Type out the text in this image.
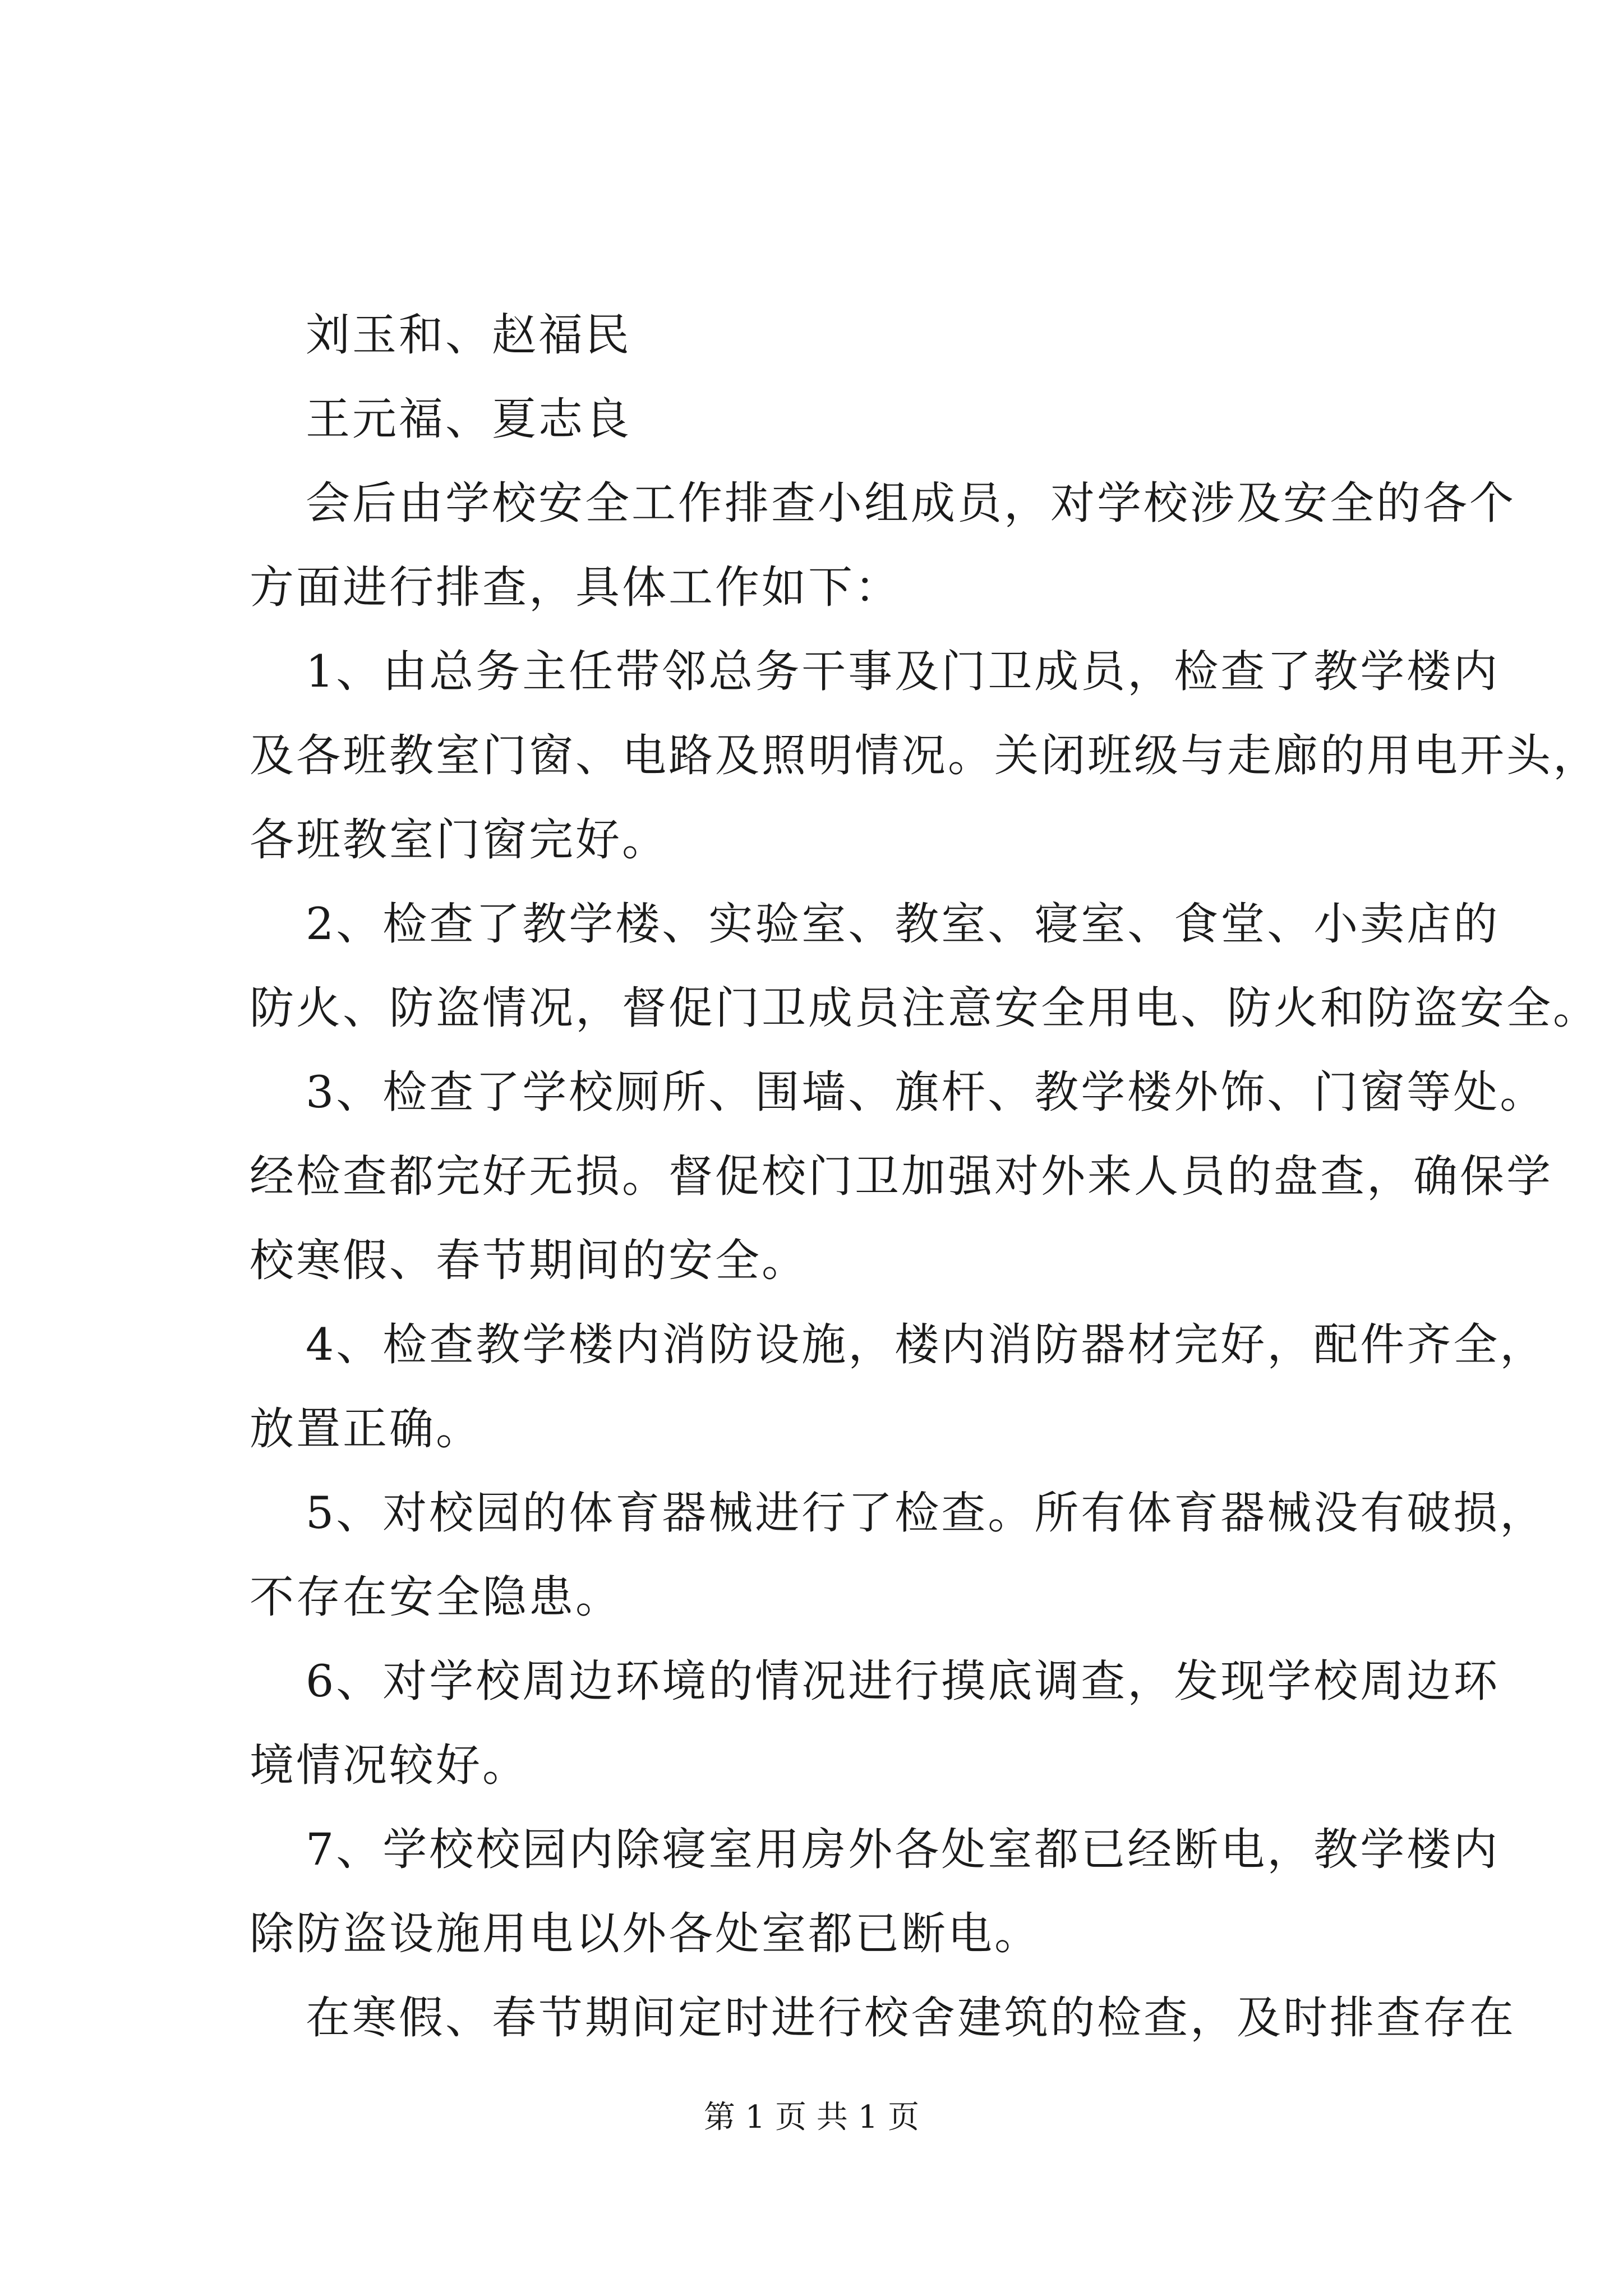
刘玉和、赵福民
王元福、夏志良
会后由学校安全工作排查小组成员，对学校涉及安全的各个
方面进行排查，具体工作如下：
1、由总务主任带邻总务干事及门卫成员，检查了教学楼内
及各班教室门窗、电路及照明情况。关闭班级与走廊的用电开头，
各班教室门窗完好。
2、检查了教学楼、实验室、教室、寝室、食堂、小卖店的
防火、防盗情况，督促门卫成员注意安全用电、防火和防盗安全。
3、检查了学校厕所、围墙、旗杆、教学楼外饰、门窗等处。
经检查都完好无损。督促校门卫加强对外来人员的盘查，确保学
校寒假、春节期间的安全。
4、检查教学楼内消防设施，楼内消防器材完好，配件齐全，
放置正确。
5、对校园的体育器械进行了检查。所有体育器械没有破损，
不存在安全隐患。
6、对学校周边环境的情况进行摸底调查，发现学校周边环
境情况较好。
7、学校校园内除寝室用房外各处室都已经断电，教学楼内
除防盗设施用电以外各处室都已断电。
在寒假、春节期间定时进行校舍建筑的检查，及时排查存在
第 1 页 共 1 页
